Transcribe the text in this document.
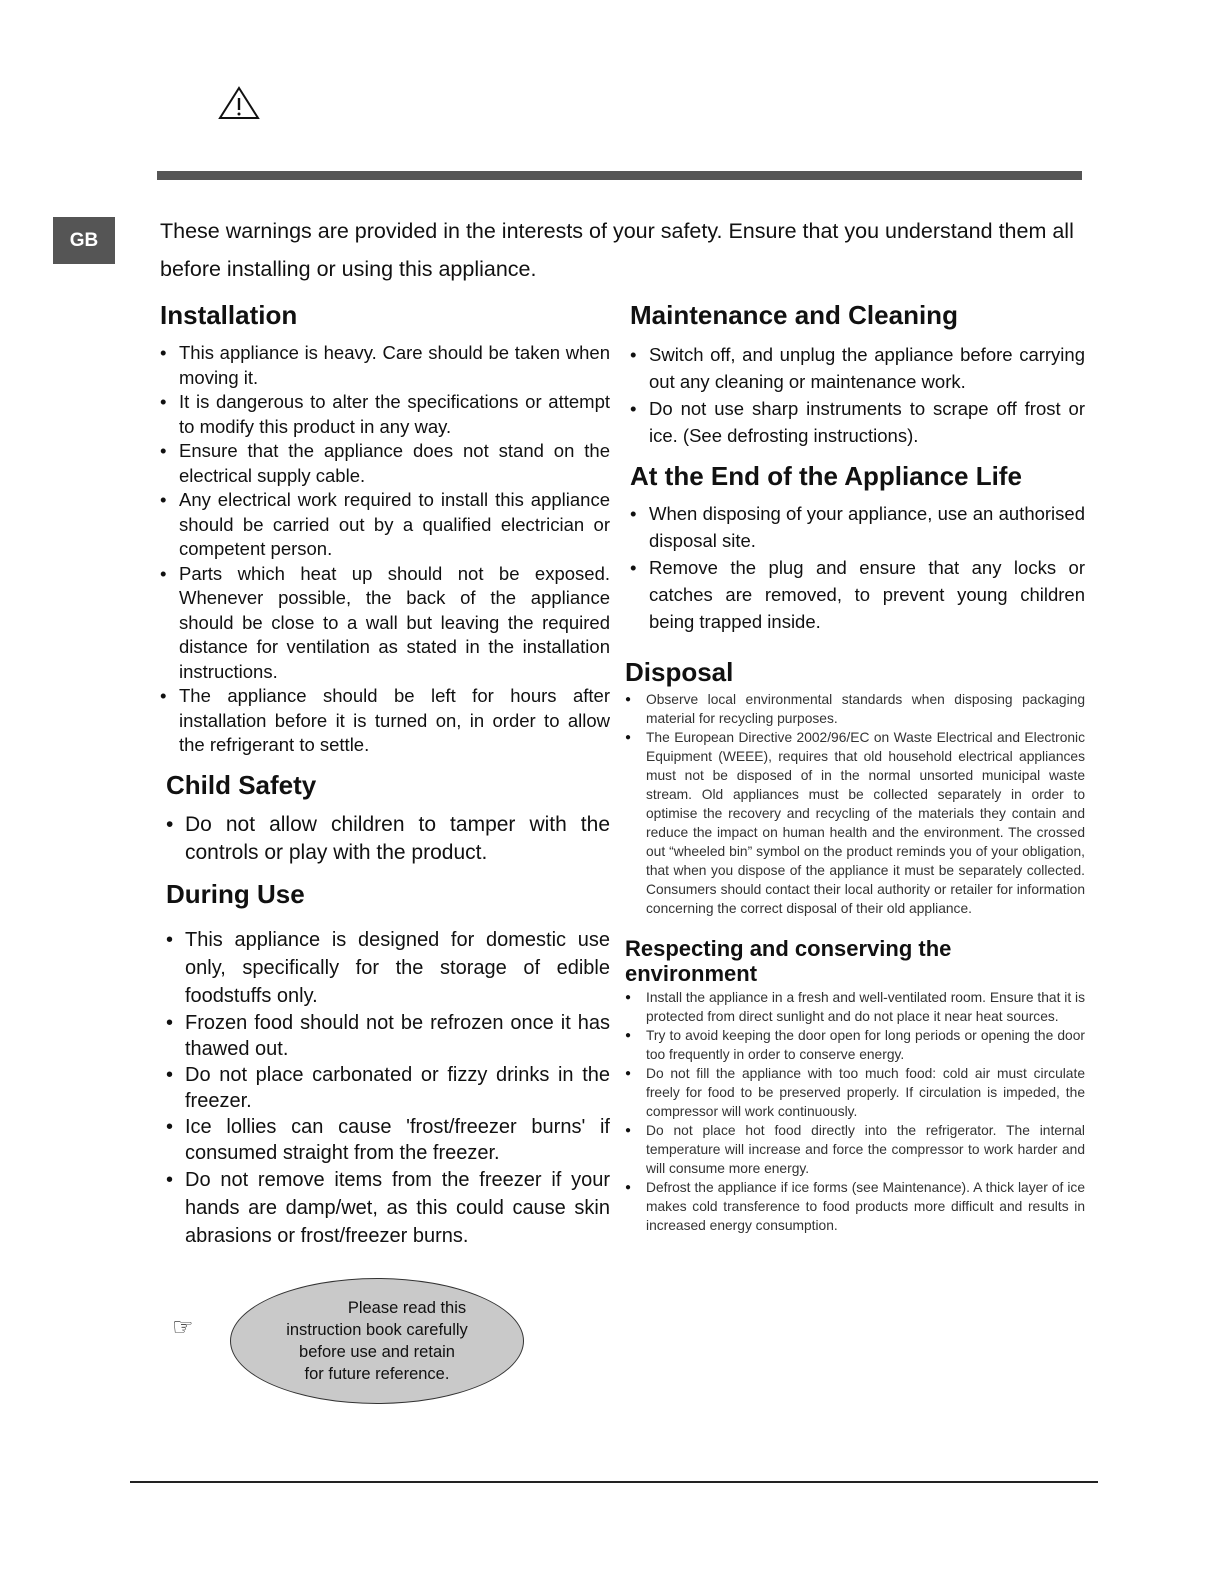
GB	These warnings are provided in the interests of your safety. Ensure that you understand them all before installing or using this appliance.
Installation
• This appliance is heavy. Care should be taken when moving it.
• It is dangerous to alter the specifications or attempt to modify this product in any way.
• Ensure that the appliance does not stand on the electrical supply cable.
• Any electrical work required to install this appliance should be carried out by a qualified electrician or competent person.
• Parts which heat up should not be exposed. Whenever possible, the back of the appliance should be close to a wall but leaving the required distance for ventilation as stated in the installation instructions.
• The appliance should be left for hours after installation before it is turned on, in order to allow the refrigerant to settle.
Child Safety
• Do not allow children to tamper with the controls or play with the product.
During Use
• This appliance is designed for domestic use only, specifically for the storage of edible foodstuffs only.
• Frozen food should not be refrozen once it has thawed out.
• Do not place carbonated or fizzy drinks in the freezer.
• Ice lollies can cause 'frost/freezer burns' if consumed straight from the freezer.
• Do not remove items from the freezer if your hands are damp/wet, as this could cause skin abrasions or frost/freezer burns.
Maintenance and Cleaning
• Switch off, and unplug the appliance before carrying out any cleaning or maintenance work.
• Do not use sharp instruments to scrape off frost or ice. (See defrosting instructions).
At the End of the Appliance Life
• When disposing of your appliance, use an authorised disposal site.
• Remove the plug and ensure that any locks or catches are removed, to prevent young children being trapped inside.
Disposal
● Observe local environmental standards when disposing packaging material for recycling purposes.
● The European Directive 2002/96/EC on Waste Electrical and Electronic Equipment (WEEE), requires that old household electrical appliances must not be disposed of in the normal unsorted municipal waste stream. Old appliances must be collected separately in order to optimise the recovery and recycling of the materials they contain and reduce the impact on human health and the environment. The crossed out “wheeled bin” symbol on the product reminds you of your obligation, that when you dispose of the appliance it must be separately collected. Consumers should contact their local authority or retailer for information concerning the correct disposal of their old appliance.
Respecting and conserving the environment
● Install the appliance in a fresh and well-ventilated room. Ensure that it is protected from direct sunlight and do not place it near heat sources.
● Try to avoid keeping the door open for long periods or opening the door too frequently in order to conserve energy.
● Do not fill the appliance with too much food: cold air must circulate freely for food to be preserved properly. If circulation is impeded, the compressor will work continuously.
● Do not place hot food directly into the refrigerator. The internal temperature will increase and force the compressor to work harder and will consume more energy.
● Defrost the appliance if ice forms (see Maintenance). A thick layer of ice makes cold transference to food products more difficult and results in increased energy consumption.
☞
Please read this
instruction book carefully
before use and retain
for future reference.
